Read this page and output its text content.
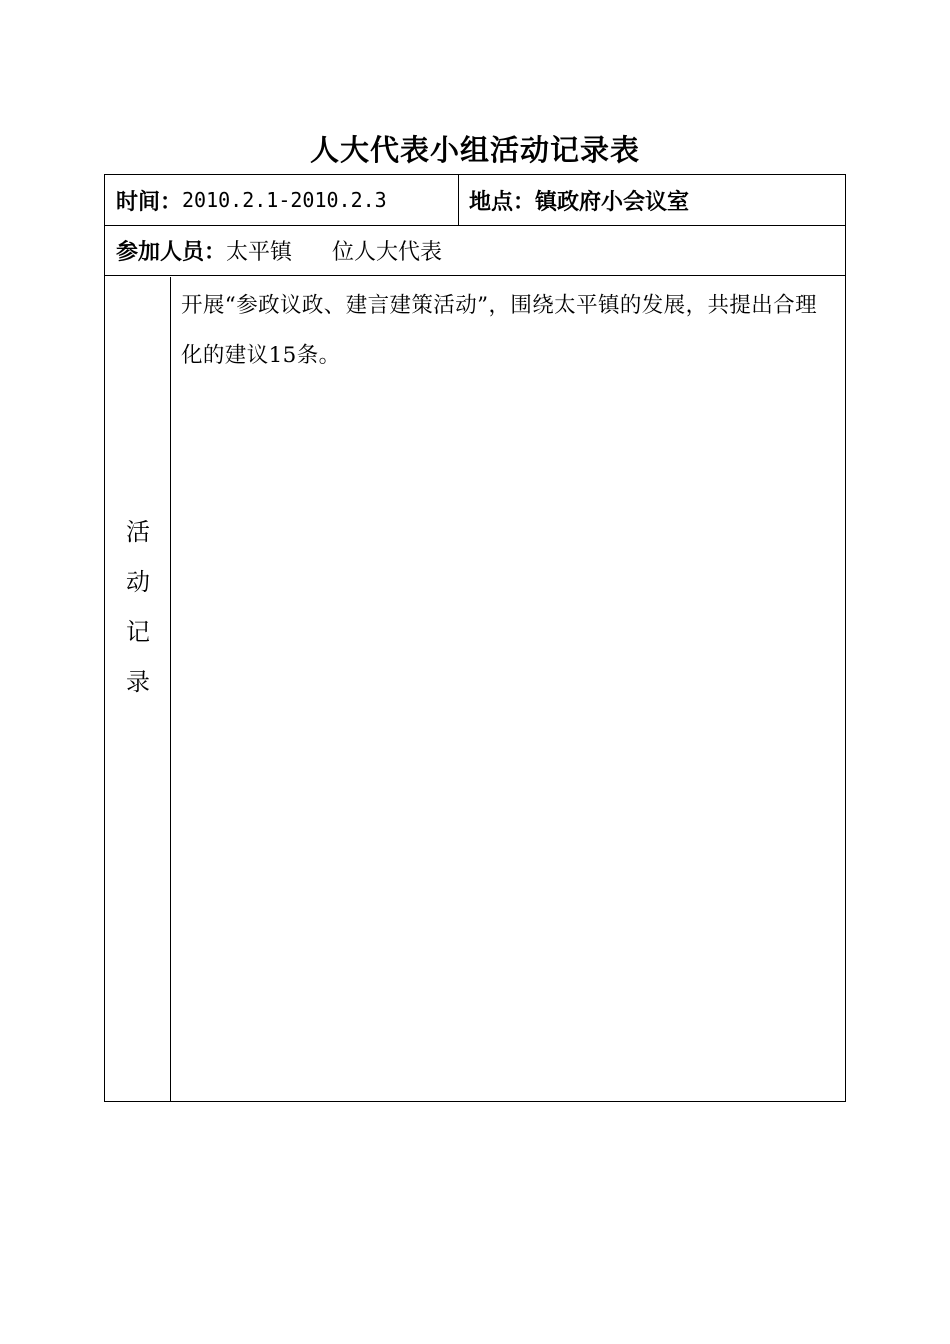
人大代表小组活动记录表
时间： 2010.2.1-2010.2.3	地点： 镇政府小会议室
参加人员： 太平镇 位人大代表
活
动
记
录
开展“参政议政、建言建策活动”，围绕太平镇的发展，共提出合理化的建议15条。
